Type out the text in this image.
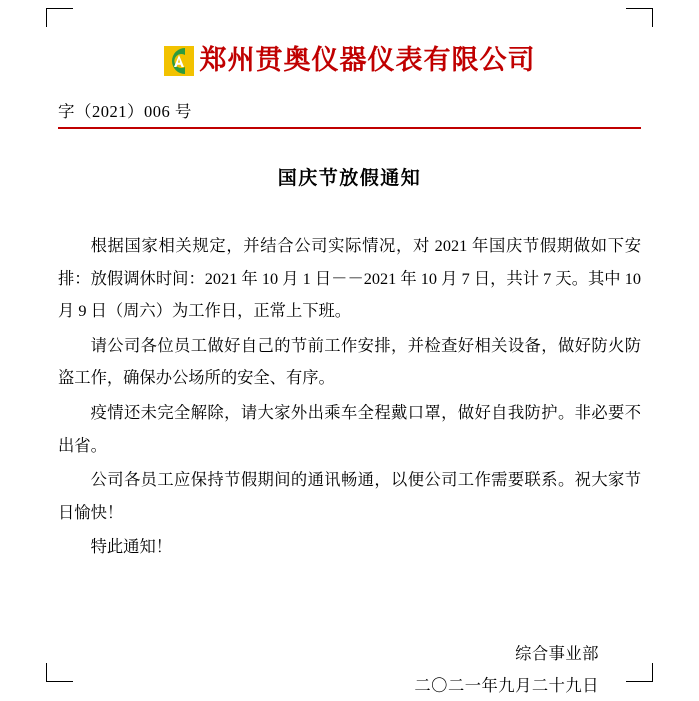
郑州贯奥仪器仪表有限公司
字（2021）006 号
国庆节放假通知

根据国家相关规定，并结合公司实际情况，对 2021 年国庆节假期做如下安排：放假调休时间：2021 年 10 月 1 日－－2021 年 10 月 7 日，共计 7 天。其中 10 月 9 日（周六）为工作日，正常上下班。

请公司各位员工做好自己的节前工作安排，并检查好相关设备，做好防火防盗工作，确保办公场所的安全、有序。

疫情还未完全解除，请大家外出乘车全程戴口罩，做好自我防护。非必要不出省。

公司各员工应保持节假期间的通讯畅通，以便公司工作需要联系。祝大家节日愉快！

特此通知！

综合事业部
二〇二一年九月二十九日
